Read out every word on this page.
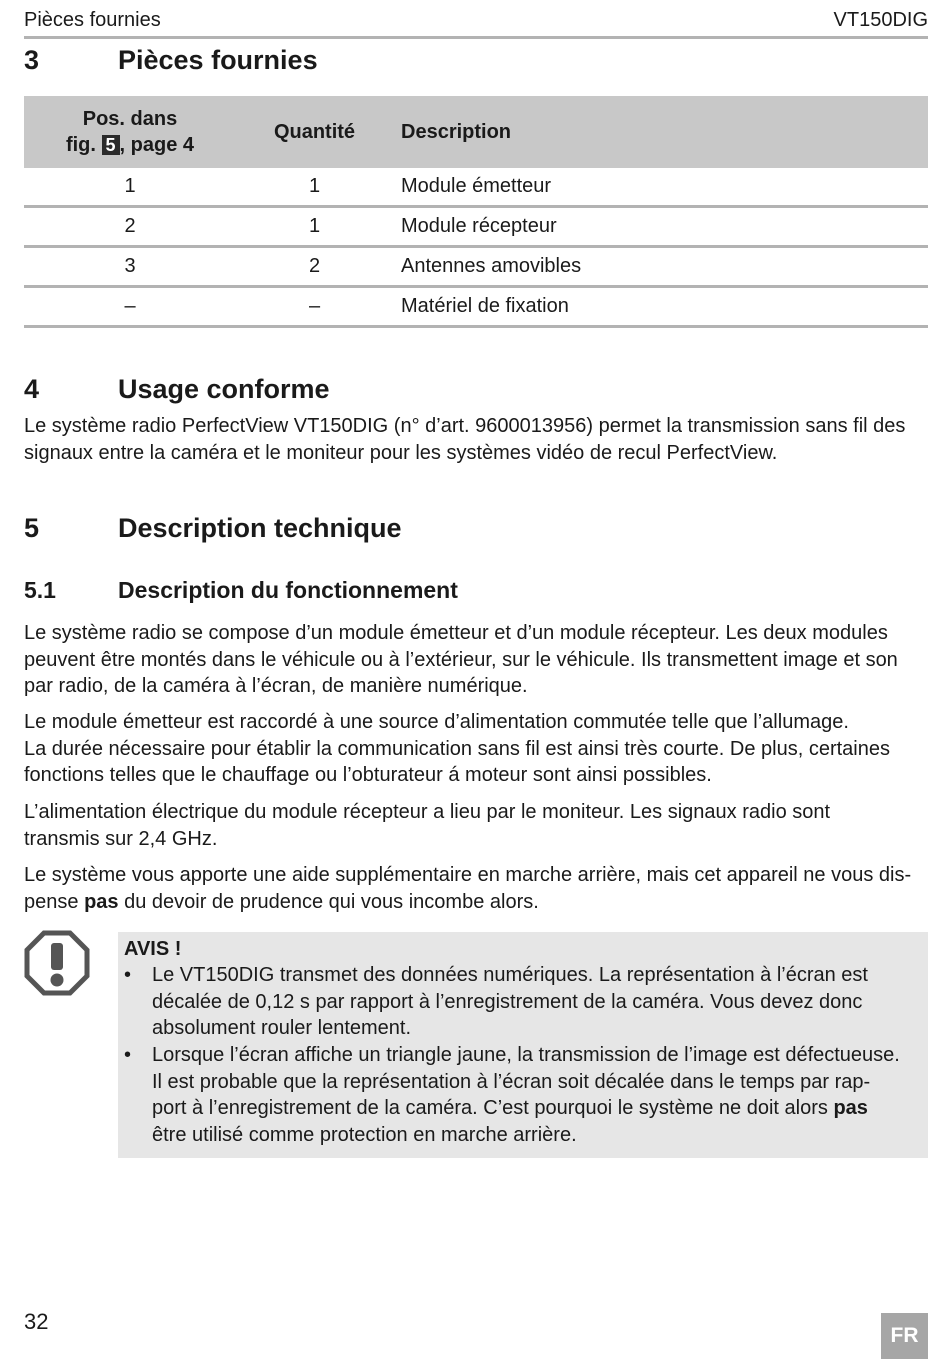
Pièces fournies	VT150DIG
3	Pièces fournies
Pos. dans
fig. 5 , page 4
Quantité	Description
1	1	Module émetteur
2	1	Module récepteur
3	2	Antennes amovibles
–	–	Matériel de fixation
4	Usage conforme
Le système radio PerfectView VT150DIG (n° d’art. 9600013956) permet la transmission sans fil des
signaux entre la caméra et le moniteur pour les systèmes vidéo de recul PerfectView.
5	Description technique
5.1	Description du fonctionnement
Le système radio se compose d’un module émetteur et d’un module récepteur. Les deux modules
peuvent être montés dans le véhicule ou à l’extérieur, sur le véhicule. Ils transmettent image et son
par radio, de la caméra à l’écran, de manière numérique.
Le module émetteur est raccordé à une source d’alimentation commutée telle que l’allumage.
La durée nécessaire pour établir la communication sans fil est ainsi très courte. De plus, certaines
fonctions telles que le chauffage ou l’obturateur á moteur sont ainsi possibles.
L’alimentation électrique du module récepteur a lieu par le moniteur. Les signaux radio sont
transmis sur 2,4 GHz.
Le système vous apporte une aide supplémentaire en marche arrière, mais cet appareil ne vous dis-
pense pas du devoir de prudence qui vous incombe alors.
AVIS !
•	Le VT150DIG transmet des données numériques. La représentation à l’écran est
décalée de 0,12 s par rapport à l’enregistrement de la caméra. Vous devez donc
absolument rouler lentement.
•	Lorsque l’écran affiche un triangle jaune, la transmission de l’image est défectueuse.
Il est probable que la représentation à l’écran soit décalée dans le temps par rap-
port à l’enregistrement de la caméra. C’est pourquoi le système ne doit alors pas
être utilisé comme protection en marche arrière.
32
FR
